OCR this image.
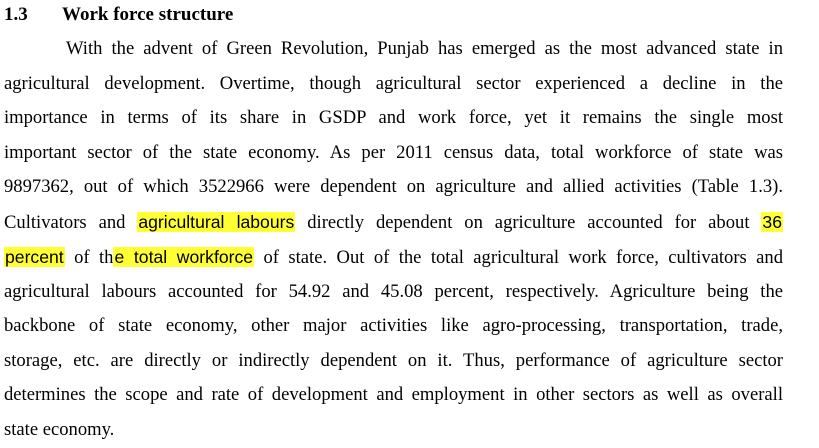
1.3 Work force structure
With the advent of Green Revolution, Punjab has emerged as the most advanced state in
agricultural development. Overtime, though agricultural sector experienced a decline in the
importance in terms of its share in GSDP and work force, yet it remains the single most
important sector of the state economy. As per 2011 census data, total workforce of state was
9897362, out of which 3522966 were dependent on agriculture and allied activities (Table 1.3).
Cultivators and agricultural labours directly dependent on agriculture accounted for about 36
percent of the total workforce of state. Out of the total agricultural work force, cultivators and
agricultural labours accounted for 54.92 and 45.08 percent, respectively. Agriculture being the
backbone of state economy, other major activities like agro-processing, transportation, trade,
storage, etc. are directly or indirectly dependent on it. Thus, performance of agriculture sector
determines the scope and rate of development and employment in other sectors as well as overall
state economy.
